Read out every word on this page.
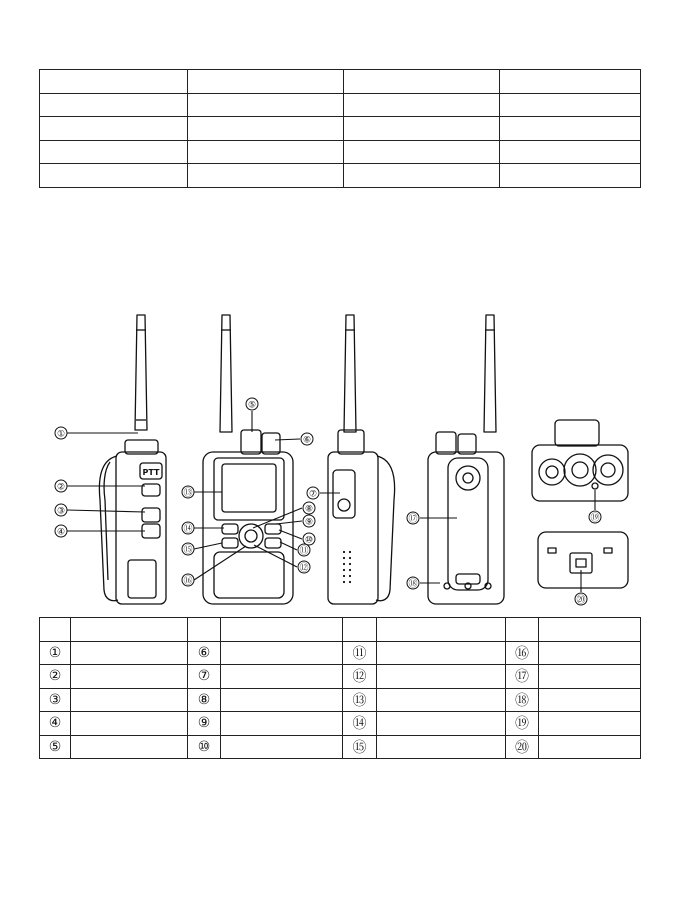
PTT
①
②
③
④
⑤
⑥
⑦
⑧
⑨
⑩
⑪
⑫
⑬
⑭
⑮
⑯
⑰
⑱
⑲
⑳

①		⑥		⑪		⑯	
②		⑦		⑫		⑰	
③		⑧		⑬		⑱	
④		⑨		⑭		⑲	
⑤		⑩		⑮		⑳	
